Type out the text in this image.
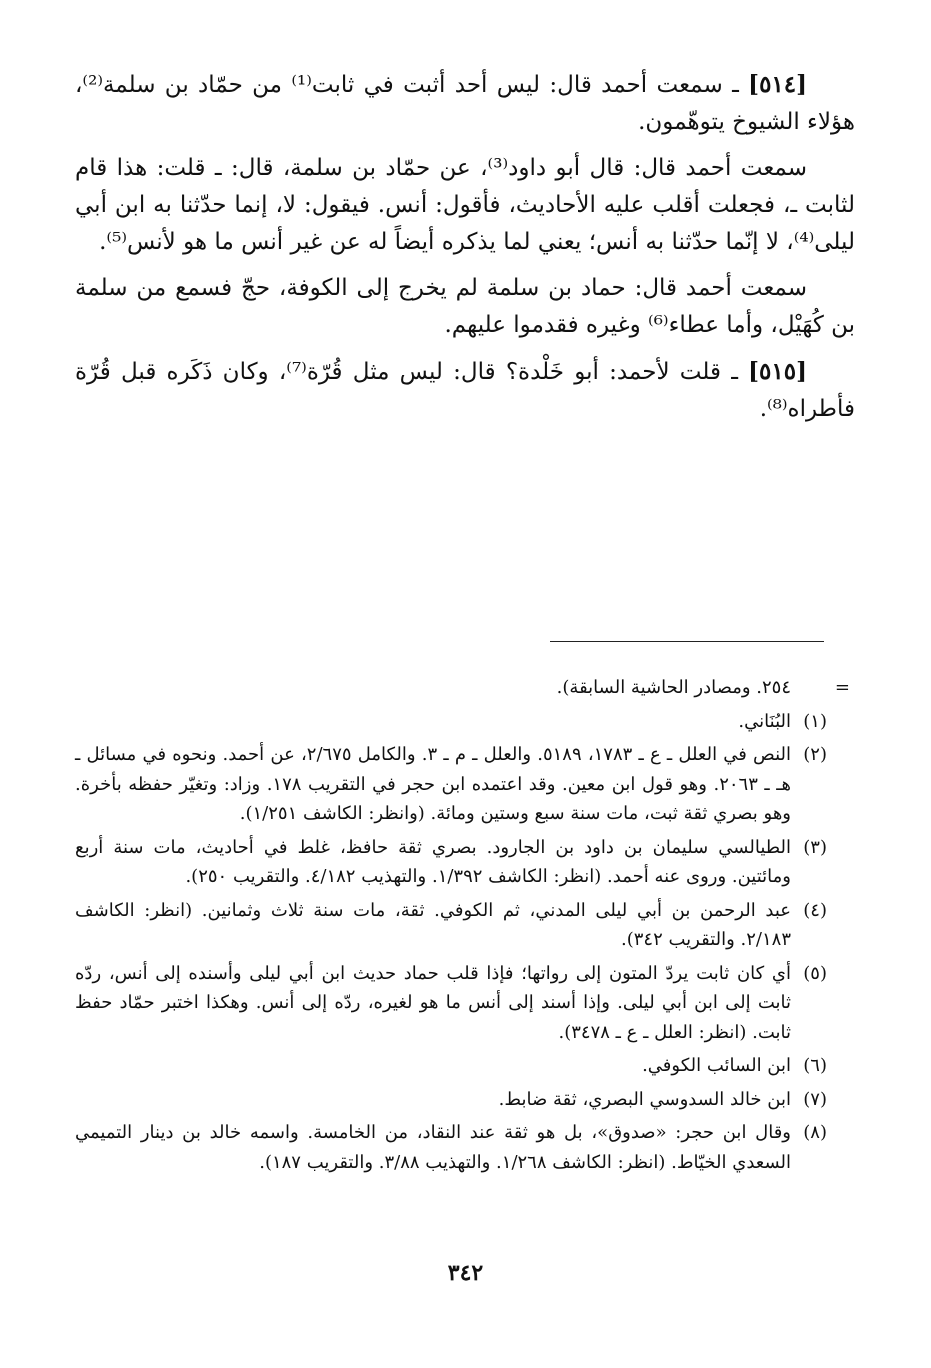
[٥١٤] ـ سمعت أحمد قال: ليس أحد أثبت في ثابت⁽¹⁾ من حمّاد بن سلمة⁽²⁾، هؤلاء الشيوخ يتوهّمون.

سمعت أحمد قال: قال أبو داود⁽³⁾، عن حمّاد بن سلمة، قال: ـ قلت: هذا قام لثابت ـ، فجعلت أقلب عليه الأحاديث، فأقول: أنس. فيقول: لا، إنما حدّثنا به ابن أبي ليلى⁽⁴⁾، لا إنّما حدّثنا به أنس؛ يعني لما يذكره أيضاً له عن غير أنس ما هو لأنس⁽⁵⁾.

سمعت أحمد قال: حماد بن سلمة لم يخرج إلى الكوفة، حجّ فسمع من سلمة بن كُهَيْل، وأما عطاء⁽⁶⁾ وغيره فقدموا عليهم.

[٥١٥] ـ قلت لأحمد: أبو خَلْدة؟ قال: ليس مثل قُرّة⁽⁷⁾، وكان ذَكَره قبل قُرّة فأطراه⁽⁸⁾.

=
٢٥٤. ومصادر الحاشية السابقة).
(١)
البُنَاني.
(٢)
النص في العلل ـ ع ـ ١٧٨٣، ٥١٨٩. والعلل ـ م ـ ٣. والكامل ٢/٦٧٥، عن أحمد. ونحوه في مسائل ـ هـ ـ ٢٠٦٣. وهو قول ابن معين. وقد اعتمده ابن حجر في التقريب ١٧٨. وزاد: وتغيّر حفظه بأخرة. وهو بصري ثقة ثبت، مات سنة سبع وستين ومائة. (وانظر: الكاشف ١/٢٥١).
(٣)
الطيالسي سليمان بن داود بن الجارود. بصري ثقة حافظ، غلط في أحاديث، مات سنة أربع ومائتين. وروى عنه أحمد. (انظر: الكاشف ١/٣٩٢. والتهذيب ٤/١٨٢. والتقريب ٢٥٠).
(٤)
عبد الرحمن بن أبي ليلى المدني، ثم الكوفي. ثقة، مات سنة ثلاث وثمانين. (انظر: الكاشف ٢/١٨٣. والتقريب ٣٤٢).
(٥)
أي كان ثابت يردّ المتون إلى رواتها؛ فإذا قلب حماد حديث ابن أبي ليلى وأسنده إلى أنس، ردّه ثابت إلى ابن أبي ليلى. وإذا أسند إلى أنس ما هو لغيره، ردّه إلى أنس. وهكذا اختبر حمّاد حفظ ثابت. (انظر: العلل ـ ع ـ ٣٤٧٨).
(٦)
ابن السائب الكوفي.
(٧)
ابن خالد السدوسي البصري، ثقة ضابط.
(٨)
وقال ابن حجر: «صدوق»، بل هو ثقة عند النقاد، من الخامسة. واسمه خالد بن دينار التميمي السعدي الخيّاط. (انظر: الكاشف ١/٢٦٨. والتهذيب ٣/٨٨. والتقريب ١٨٧).
٣٤٢
